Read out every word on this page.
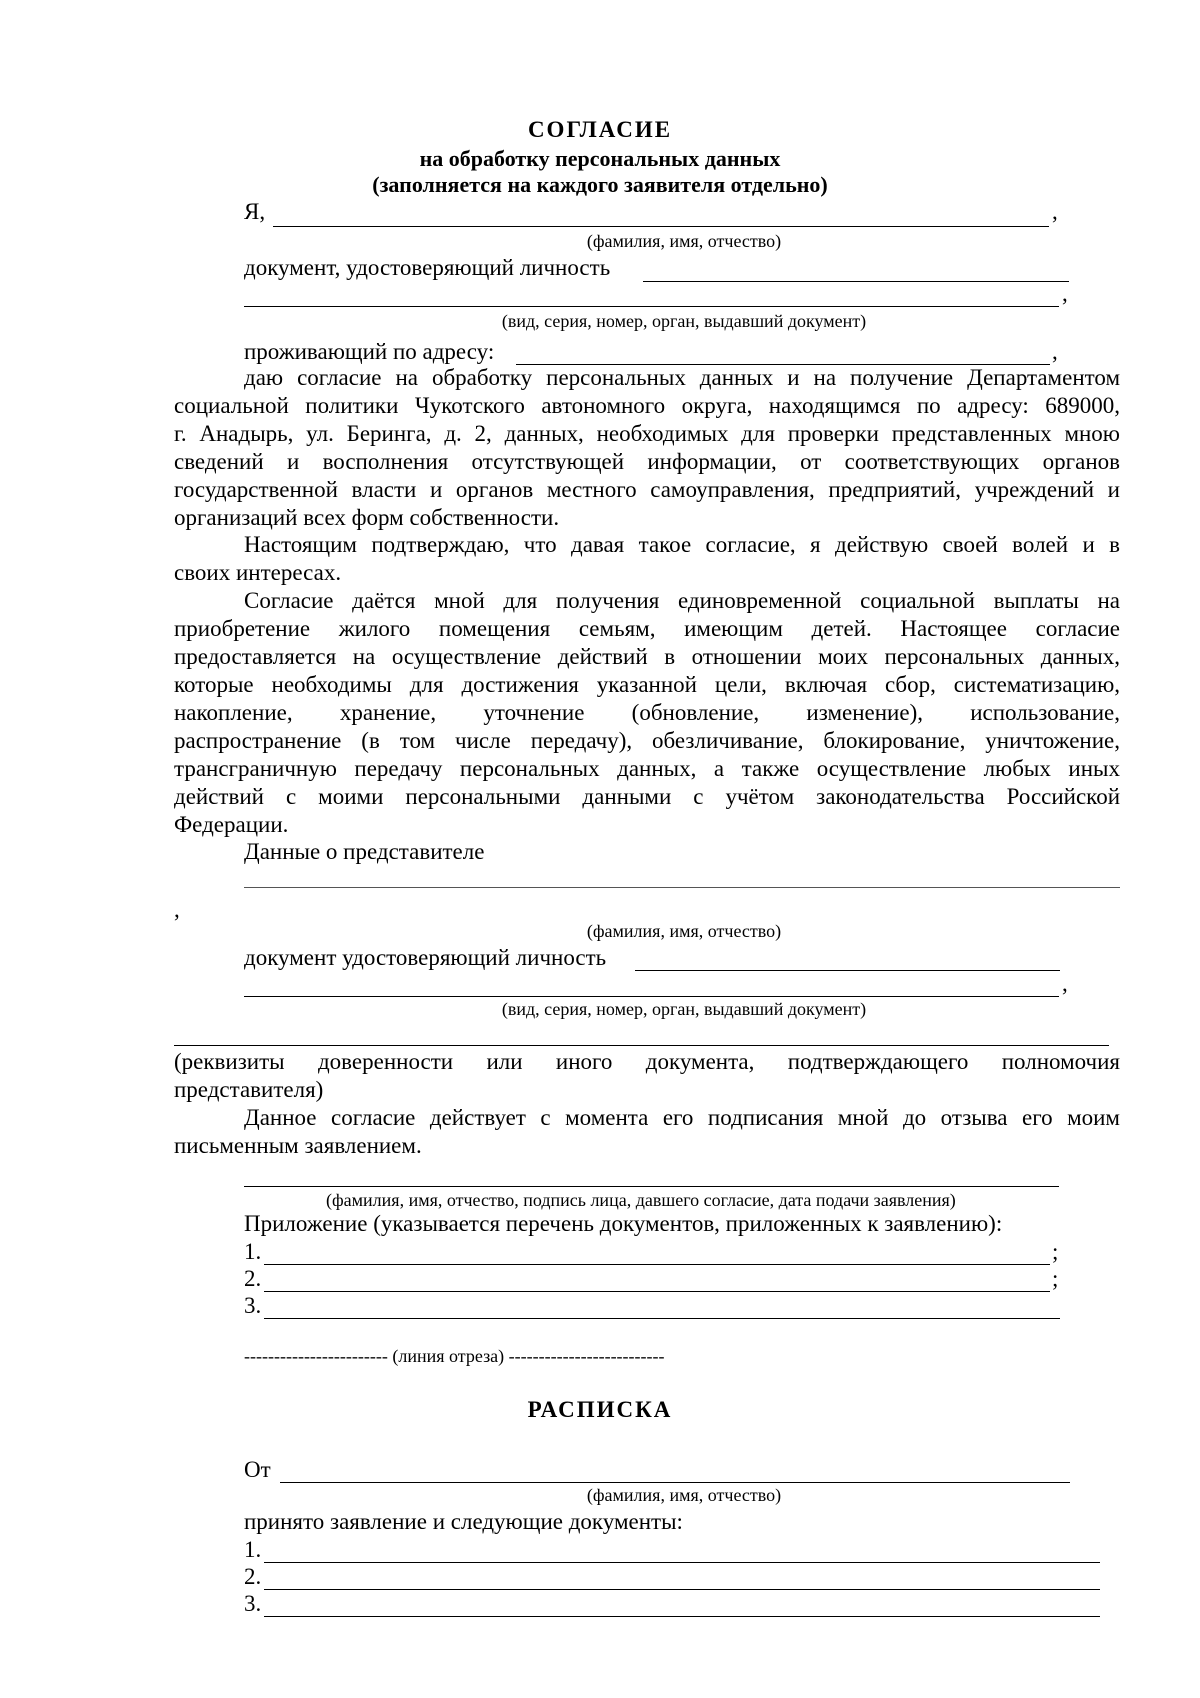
СОГЛАСИЕ
на обработку персональных данных
(заполняется на каждого заявителя отдельно)
Я,	,
(фамилия, имя, отчество)
документ, удостоверяющий личность
,
(вид, серия, номер, орган, выдавший документ)
проживающий по адресу:	,
даю согласие на обработку персональных данных и на получение Департаментом
социальной политики Чукотского автономного округа, находящимся по адресу: 689000,
г. Анадырь, ул. Беринга, д. 2, данных, необходимых для проверки представленных мною
сведений и восполнения отсутствующей информации, от соответствующих органов
государственной власти и органов местного самоуправления, предприятий, учреждений и
организаций всех форм собственности.
Настоящим подтверждаю, что давая такое согласие, я действую своей волей и в
своих интересах.
Согласие даётся мной для получения единовременной социальной выплаты на
приобретение жилого помещения семьям, имеющим детей. Настоящее согласие
предоставляется на осуществление действий в отношении моих персональных данных,
которые необходимы для достижения указанной цели, включая сбор, систематизацию,
накопление, хранение, уточнение (обновление, изменение), использование,
распространение (в том числе передачу), обезличивание, блокирование, уничтожение,
трансграничную передачу персональных данных, а также осуществление любых иных
действий с моими персональными данными с учётом законодательства Российской
Федерации.
Данные о представителе
,
(фамилия, имя, отчество)
документ удостоверяющий личность
,
(вид, серия, номер, орган, выдавший документ)
(реквизиты доверенности или иного документа, подтверждающего полномочия
представителя)
Данное согласие действует с момента его подписания мной до отзыва его моим
письменным заявлением.
(фамилия, имя, отчество, подпись лица, давшего согласие, дата подачи заявления)
Приложение (указывается перечень документов, приложенных к заявлению):
1.	;
2.	;
3.
------------------------ (линия отреза) --------------------------
РАСПИСКА
От
(фамилия, имя, отчество)
принято заявление и следующие документы:
1.
2.
3.
